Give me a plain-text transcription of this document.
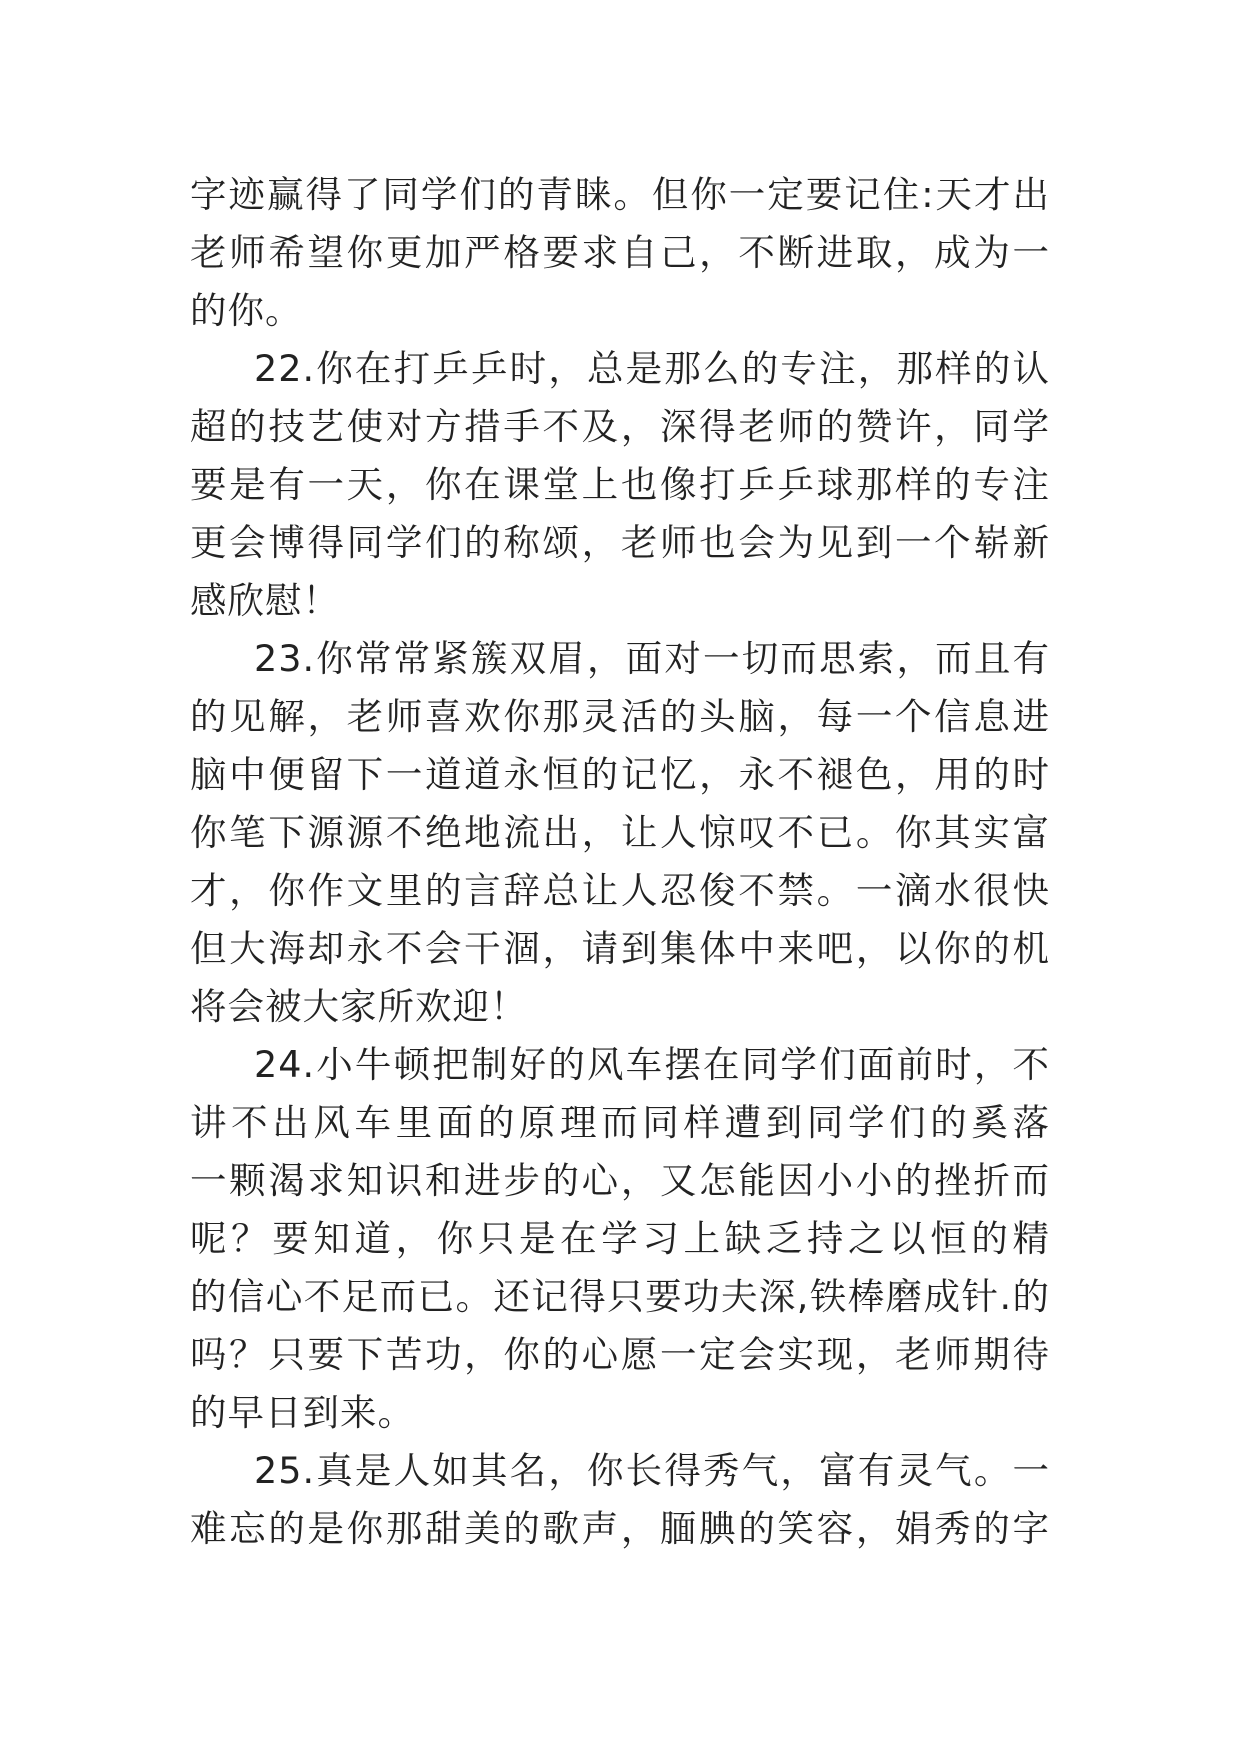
字迹赢得了同学们的青睐。但你一定要记住:天才出
老师希望你更加严格要求自己，不断进取，成为一
的你。
22.你在打乒乒时，总是那么的专注，那样的认
超的技艺使对方措手不及，深得老师的赞许，同学
要是有一天，你在课堂上也像打乒乒球那样的专注
更会博得同学们的称颂，老师也会为见到一个崭新
感欣慰！
23.你常常紧簇双眉，面对一切而思索，而且有
的见解，老师喜欢你那灵活的头脑，每一个信息进
脑中便留下一道道永恒的记忆，永不褪色，用的时
你笔下源源不绝地流出，让人惊叹不已。你其实富
才，你作文里的言辞总让人忍俊不禁。一滴水很快
但大海却永不会干涸，请到集体中来吧，以你的机
将会被大家所欢迎！
24.小牛顿把制好的风车摆在同学们面前时，不
讲不出风车里面的原理而同样遭到同学们的奚落
一颗渴求知识和进步的心，又怎能因小小的挫折而
呢？要知道，你只是在学习上缺乏持之以恒的精
的信心不足而已。还记得只要功夫深,铁棒磨成针.的
吗？只要下苦功，你的心愿一定会实现，老师期待
的早日到来。
25.真是人如其名，你长得秀气，富有灵气。一
难忘的是你那甜美的歌声，腼腆的笑容，娟秀的字
